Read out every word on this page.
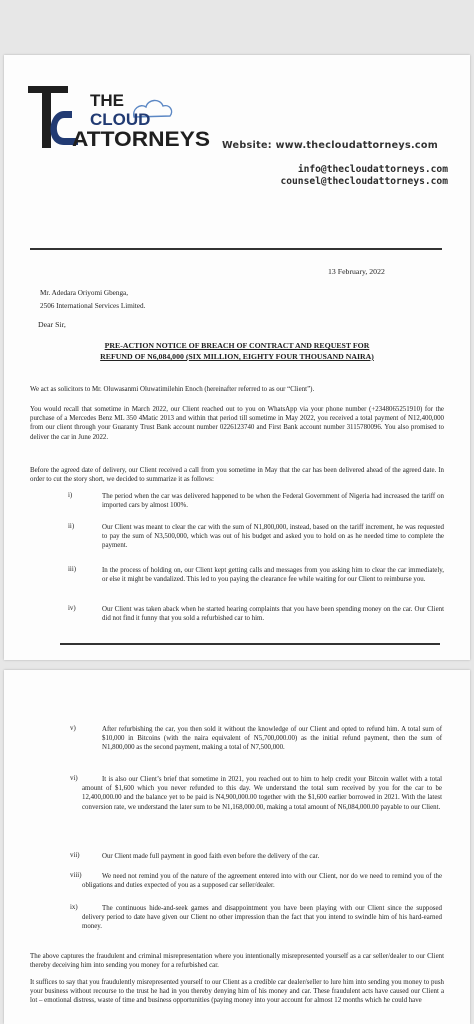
THE
CLOUD
ATTORNEYS Website: www.thecloudattorneys.com
info@thecloudattorneys.com
counsel@thecloudattorneys.com
13 February, 2022
Mr. Adedara Oriyomi Gbenga,
2506 International Services Limited.
Dear Sir,
PRE-ACTION NOTICE OF BREACH OF CONTRACT AND REQUEST FOR
REFUND OF N6,084,000 (SIX MILLION, EIGHTY FOUR THOUSAND NAIRA)
We act as solicitors to Mr. Oluwasanmi Oluwatimilehin Enoch (hereinafter referred to as our “Client”).
You would recall that sometime in March 2022, our Client reached out to you on WhatsApp via your phone number (+2348065251910) for the purchase of a Mercedes Benz ML 350 4Matic 2013 and within that period till sometime in May 2022, you received a total payment of N12,400,000 from our client through your Guaranty Trust Bank account number 0226123740 and First Bank account number 3115780096. You also promised to deliver the car in June 2022.
Before the agreed date of delivery, our Client received a call from you sometime in May that the car has been delivered ahead of the agreed date. In order to cut the story short, we decided to summarize it as follows:
i)	The period when the car was delivered happened to be when the Federal Government of Nigeria had increased the tariff on imported cars by almost 100%.
ii)	Our Client was meant to clear the car with the sum of N1,800,000, instead, based on the tariff increment, he was requested to pay the sum of N3,500,000, which was out of his budget and asked you to hold on as he needed time to complete the payment.
iii)	In the process of holding on, our Client kept getting calls and messages from you asking him to clear the car immediately, or else it might be vandalized. This led to you paying the clearance fee while waiting for our Client to reimburse you.
iv)	Our Client was taken aback when he started hearing complaints that you have been spending money on the car. Our Client did not find it funny that you sold a refurbished car to him.
v)	After refurbishing the car, you then sold it without the knowledge of our Client and opted to refund him. A total sum of $10,000 in Bitcoins (with the naira equivalent of N5,700,000.00) as the initial refund payment, then the sum of N1,800,000 as the second payment, making a total of N7,500,000.
vi)	It is also our Client’s brief that sometime in 2021, you reached out to him to help credit your Bitcoin wallet with a total amount of $1,600 which you never refunded to this day. We understand the total sum received by you for the car to be 12,400,000.00 and the balance yet to be paid is N4,900,000.00 together with the $1,600 earlier borrowed in 2021. With the latest conversion rate, we understand the later sum to be N1,168,000.00, making a total amount of N6,084,000.00 payable to our Client.
vii)	Our Client made full payment in good faith even before the delivery of the car.
viii)	We need not remind you of the nature of the agreement entered into with our Client, nor do we need to remind you of the obligations and duties expected of you as a supposed car seller/dealer.
ix)	The continuous hide-and-seek games and disappointment you have been playing with our Client since the supposed delivery period to date have given our Client no other impression than the fact that you intend to swindle him of his hard-earned money.
The above captures the fraudulent and criminal misrepresentation where you intentionally misrepresented yourself as a car seller/dealer to our Client thereby deceiving him into sending you money for a refurbished car.
It suffices to say that you fraudulently misrepresented yourself to our Client as a credible car dealer/seller to lure him into sending you money to push your business without recourse to the trust he had in you thereby denying him of his money and car. These fraudulent acts have caused our Client a lot – emotional distress, waste of time and business opportunities (paying money into your account for almost 12 months which he could have
